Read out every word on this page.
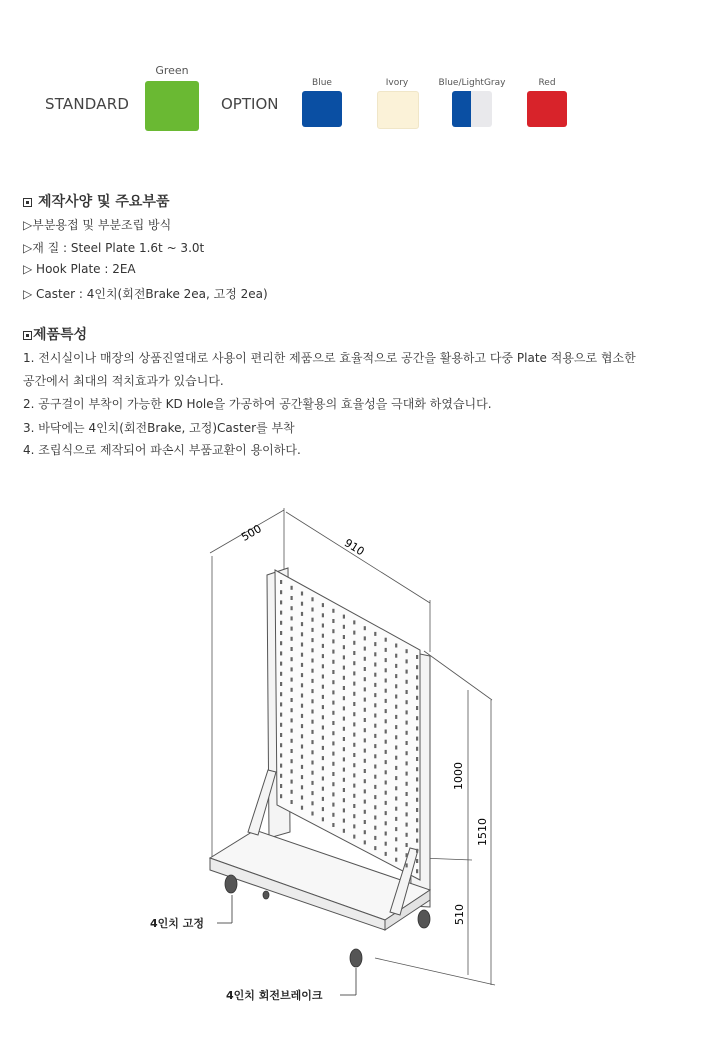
STANDARD
Green
OPTION
Blue	Ivory	Blue/LightGray	Red
제작사양 및 주요부품
▷부분용접 및 부분조립 방식
▷재 질 : Steel Plate 1.6t ~ 3.0t
▷ Hook Plate : 2EA
▷ Caster : 4인치(회전Brake 2ea, 고정 2ea)
제품특성
1. 전시실이나 매장의 상품진열대로 사용이 편리한 제품으로 효율적으로 공간을 활용하고 다중 Plate 적용으로 협소한
공간에서 최대의 적치효과가 있습니다.
2. 공구걸이 부착이 가능한 KD Hole을 가공하여 공간활용의 효율성을 극대화 하였습니다.
3. 바닥에는 4인치(회전Brake, 고정)Caster를 부착
4. 조립식으로 제작되어 파손시 부품교환이 용이하다.
500
910
1000
1510
510
4인치 고정
4인치 회전브레이크
